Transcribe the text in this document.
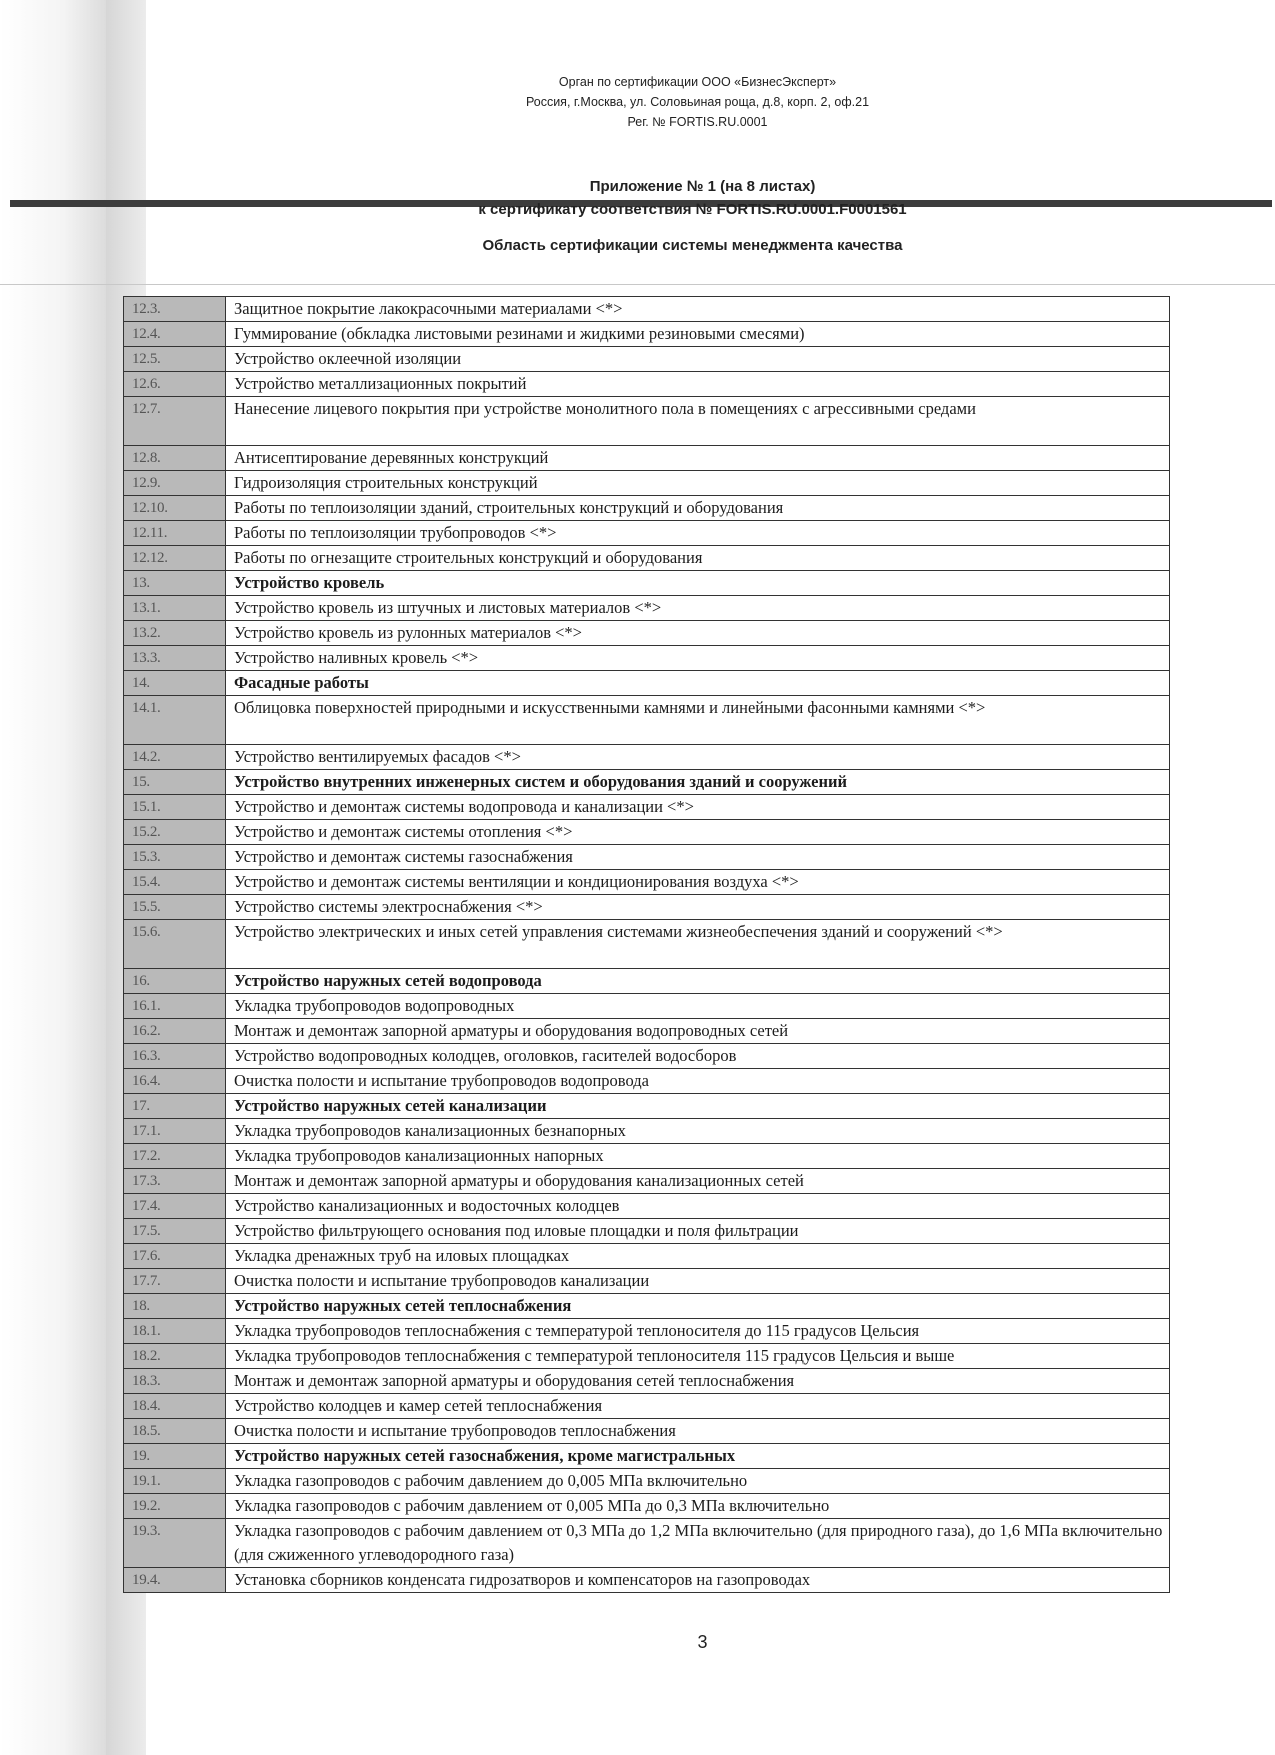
Орган по сертификации ООО «БизнесЭксперт»
Россия, г.Москва, ул. Соловьиная роща, д.8, корп. 2, оф.21
Рег. № FORTIS.RU.0001
Приложение № 1 (на 8 листах)
к сертификату соответствия № FORTIS.RU.0001.F0001561
Область сертификации системы менеджмента качества
12.3.	Защитное покрытие лакокрасочными материалами <*>
12.4.	Гуммирование (обкладка листовыми резинами и жидкими резиновыми смесями)
12.5.	Устройство оклеечной изоляции
12.6.	Устройство металлизационных покрытий
12.7.	Нанесение лицевого покрытия при устройстве монолитного пола в помещениях с агрессивными средами
12.8.	Антисептирование деревянных конструкций
12.9.	Гидроизоляция строительных конструкций
12.10.	Работы по теплоизоляции зданий, строительных конструкций и оборудования
12.11.	Работы по теплоизоляции трубопроводов <*>
12.12.	Работы по огнезащите строительных конструкций и оборудования
13.	Устройство кровель
13.1.	Устройство кровель из штучных и листовых материалов <*>
13.2.	Устройство кровель из рулонных материалов <*>
13.3.	Устройство наливных кровель <*>
14.	Фасадные работы
14.1.	Облицовка поверхностей природными и искусственными камнями и линейными фасонными камнями <*>
14.2.	Устройство вентилируемых фасадов <*>
15.	Устройство внутренних инженерных систем и оборудования зданий и сооружений
15.1.	Устройство и демонтаж системы водопровода и канализации <*>
15.2.	Устройство и демонтаж системы отопления <*>
15.3.	Устройство и демонтаж системы газоснабжения
15.4.	Устройство и демонтаж системы вентиляции и кондиционирования воздуха <*>
15.5.	Устройство системы электроснабжения <*>
15.6.	Устройство электрических и иных сетей управления системами жизнеобеспечения зданий и сооружений <*>
16.	Устройство наружных сетей водопровода
16.1.	Укладка трубопроводов водопроводных
16.2.	Монтаж и демонтаж запорной арматуры и оборудования водопроводных сетей
16.3.	Устройство водопроводных колодцев, оголовков, гасителей водосборов
16.4.	Очистка полости и испытание трубопроводов водопровода
17.	Устройство наружных сетей канализации
17.1.	Укладка трубопроводов канализационных безнапорных
17.2.	Укладка трубопроводов канализационных напорных
17.3.	Монтаж и демонтаж запорной арматуры и оборудования канализационных сетей
17.4.	Устройство канализационных и водосточных колодцев
17.5.	Устройство фильтрующего основания под иловые площадки и поля фильтрации
17.6.	Укладка дренажных труб на иловых площадках
17.7.	Очистка полости и испытание трубопроводов канализации
18.	Устройство наружных сетей теплоснабжения
18.1.	Укладка трубопроводов теплоснабжения с температурой теплоносителя до 115 градусов Цельсия
18.2.	Укладка трубопроводов теплоснабжения с температурой теплоносителя 115 градусов Цельсия и выше
18.3.	Монтаж и демонтаж запорной арматуры и оборудования сетей теплоснабжения
18.4.	Устройство колодцев и камер сетей теплоснабжения
18.5.	Очистка полости и испытание трубопроводов теплоснабжения
19.	Устройство наружных сетей газоснабжения, кроме магистральных
19.1.	Укладка газопроводов с рабочим давлением до 0,005 МПа включительно
19.2.	Укладка газопроводов с рабочим давлением от 0,005 МПа до 0,3 МПа включительно
19.3.	Укладка газопроводов с рабочим давлением от 0,3 МПа до 1,2 МПа включительно (для природного газа), до 1,6 МПа включительно (для сжиженного углеводородного газа)
19.4.	Установка сборников конденсата гидрозатворов и компенсаторов на газопроводах
3
